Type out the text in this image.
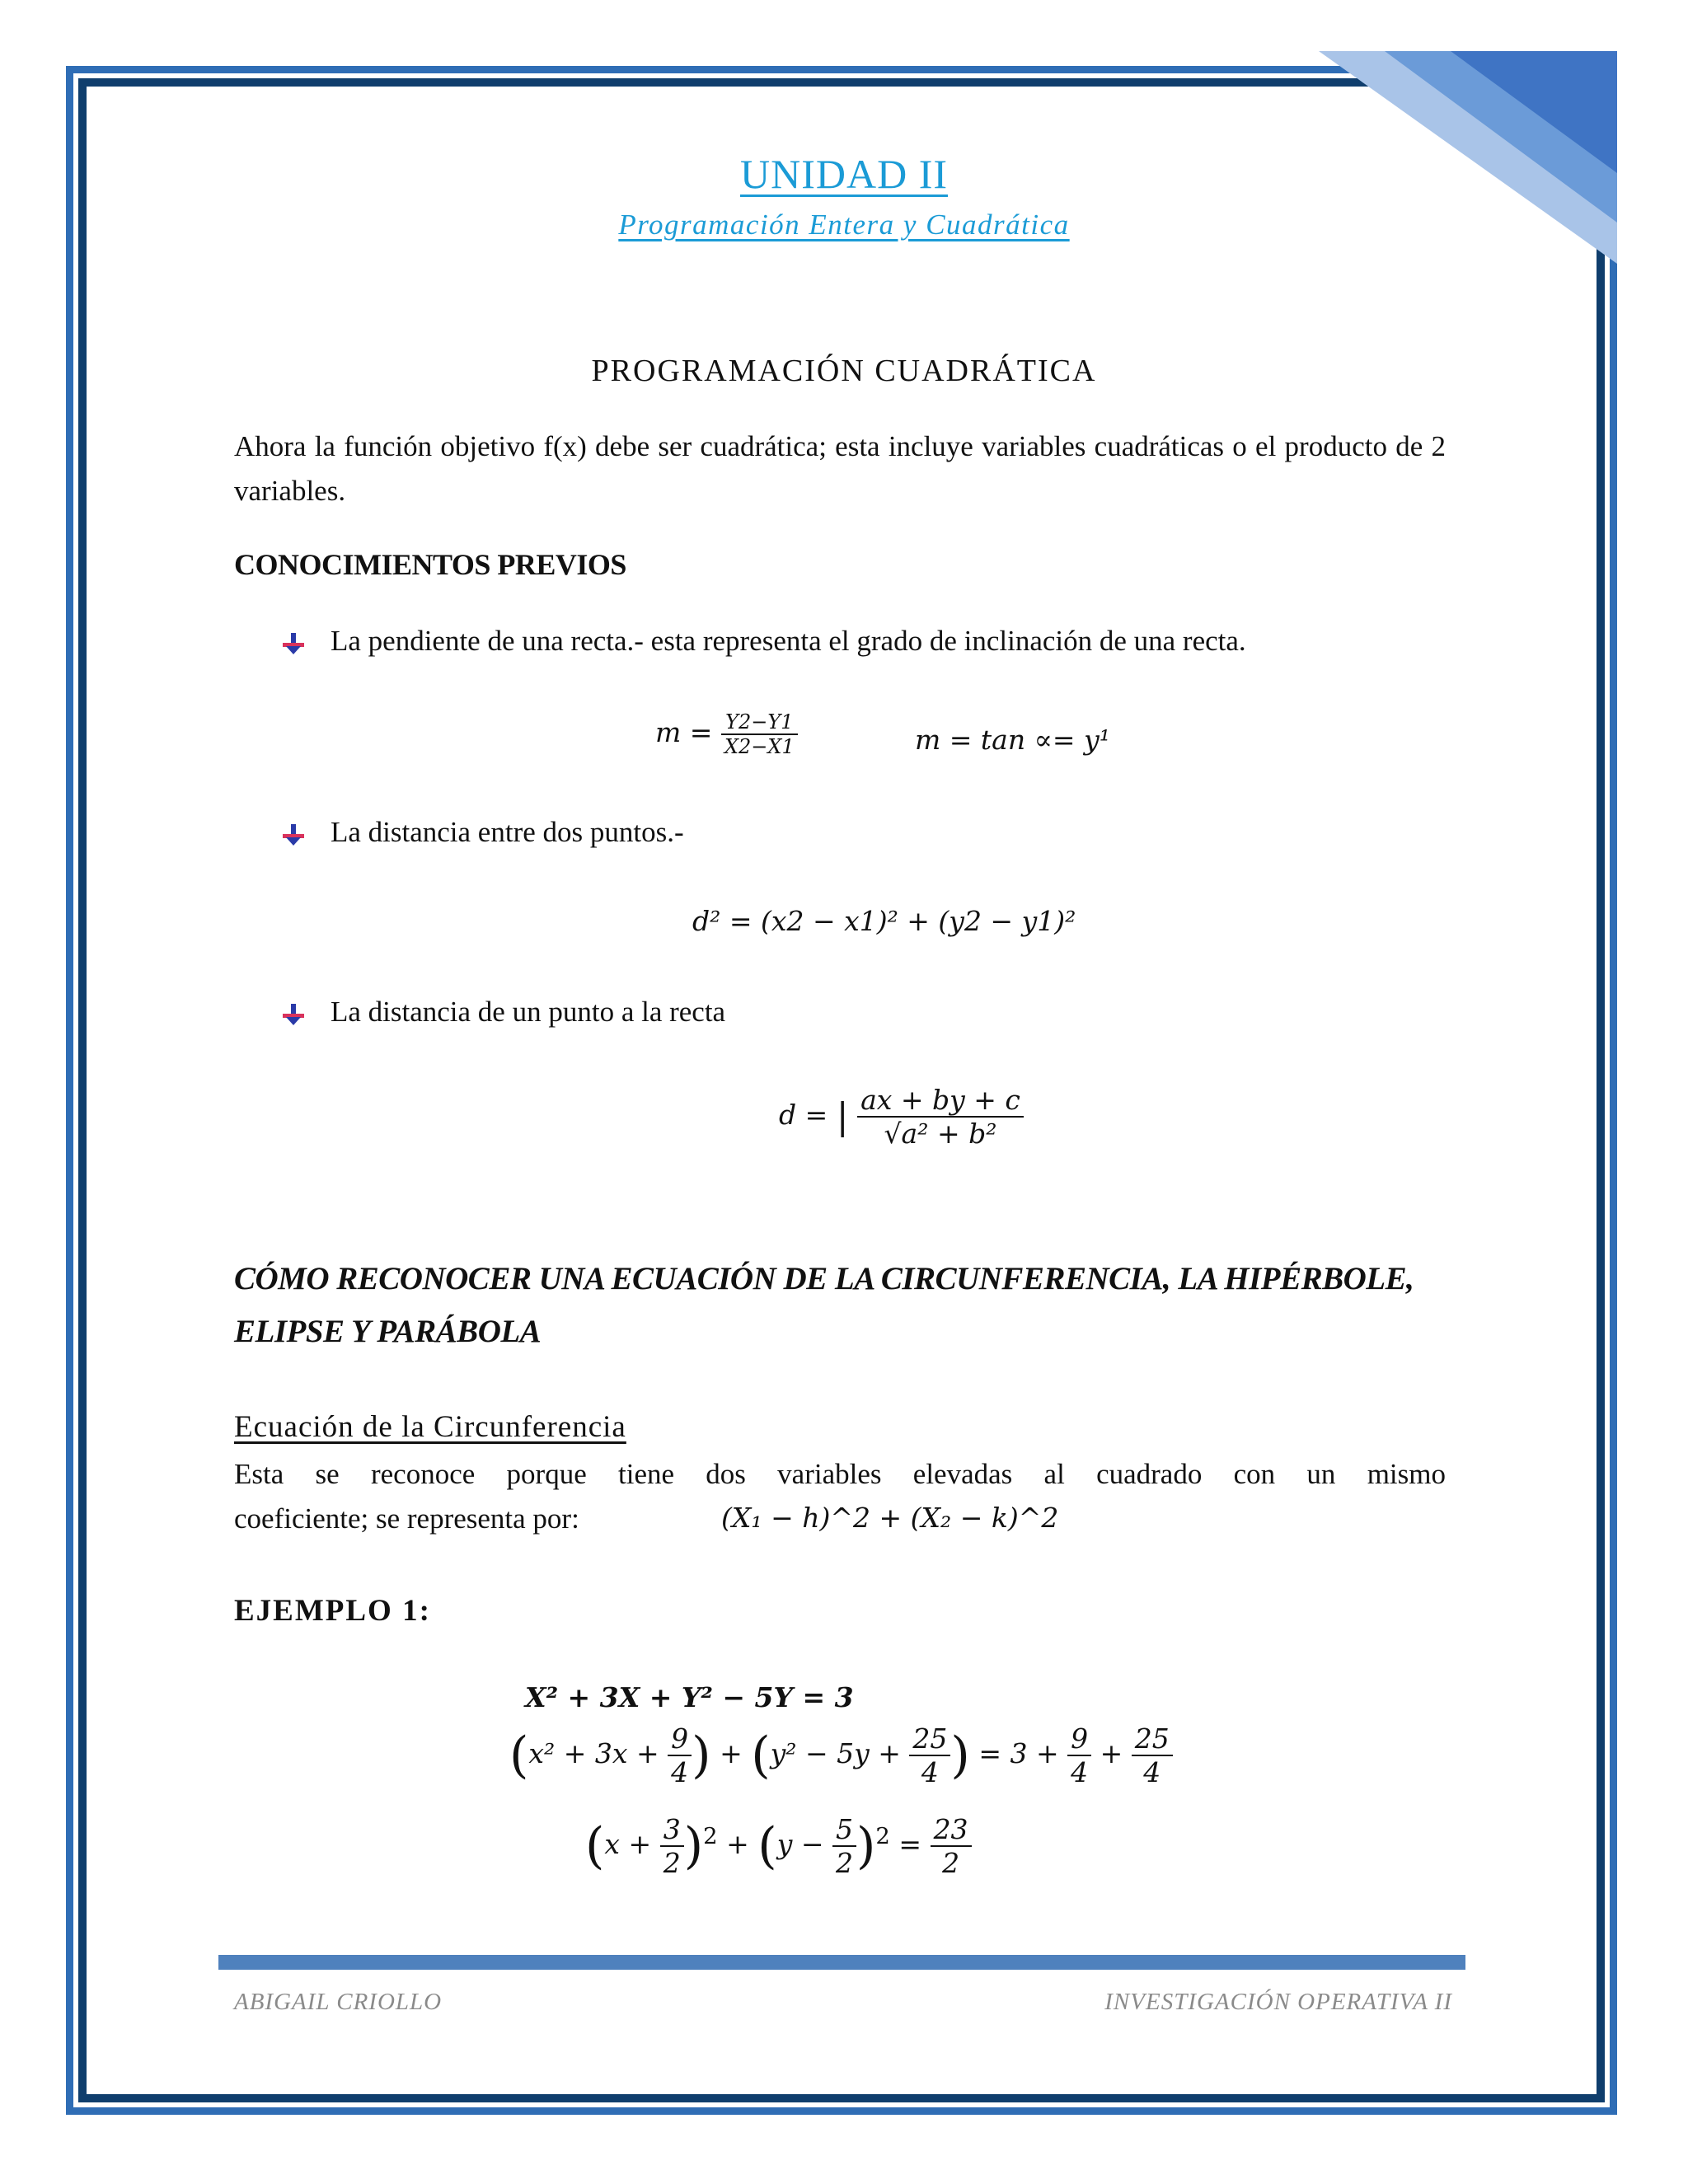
UNIDAD II
Programación Entera y Cuadrática
PROGRAMACIÓN CUADRÁTICA
Ahora la función objetivo f(x) debe ser cuadrática; esta incluye variables cuadráticas o el producto de 2 variables.
CONOCIMIENTOS PREVIOS
La pendiente de una recta.- esta representa el grado de inclinación de una recta.
$m = \frac{Y2-Y1}{X2-X1}$	m = tan ∝= y¹
La distancia entre dos puntos.-
d² = (x2 − x1)² + (y2 − y1)²
La distancia de un punto a la recta
d = | $\frac{ax + by + c}{\text{√a² + b²}}$
CÓMO RECONOCER UNA ECUACIÓN DE LA CIRCUNFERENCIA, LA HIPÉRBOLE, ELIPSE Y PARÁBOLA
Ecuación de la Circunferencia
Esta se reconoce porque tiene dos variables elevadas al cuadrado con un mismo
coeficiente; se representa por:	(X₁ − h)^2 + (X₂ − k)^2
EJEMPLO 1:
X² + 3X + Y² − 5Y = 3
($x^2 + 3x + \frac{9}{4}$ ) + ($y^2 - 5y + \frac{25}{4}$ ) = $3 + \frac{9}{4} + \frac{25}{4}$
$(x + \frac{3}{2} )^2 + (y - \frac{5}{2} )^2 = \frac{23}{2}$
ABIGAIL CRIOLLO	INVESTIGACIÓN OPERATIVA II
